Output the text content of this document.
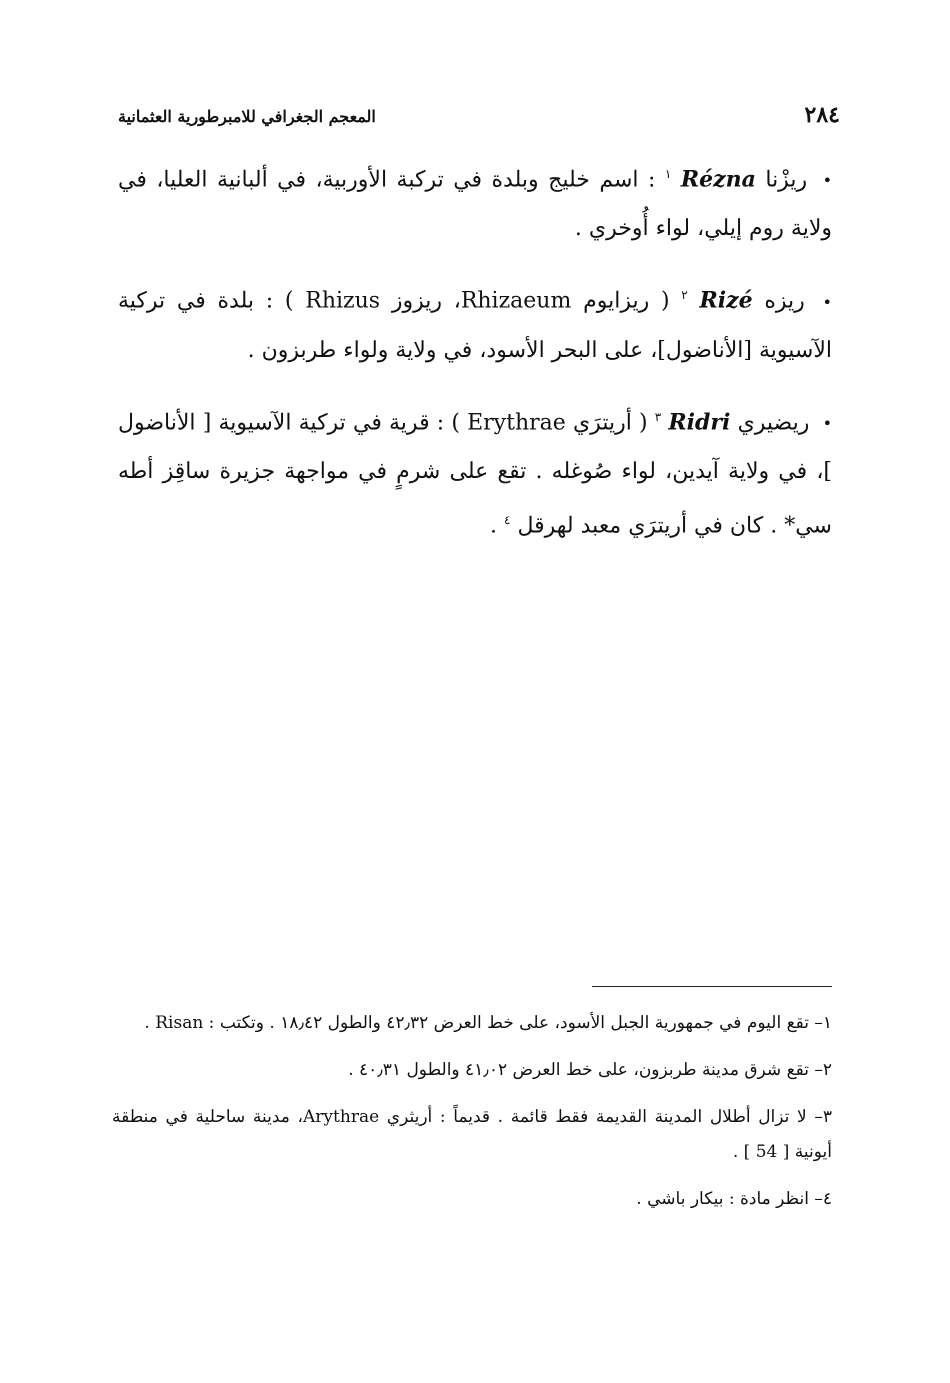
المعجم الجغرافي للامبرطورية العثمانية	٢٨٤

• ريزْنا Rézna $^١$ : اسم خليج وبلدة في تركبة الأوربية، في ألبانية العليا، في ولاية روم إيلي، لواء أُوخري .

• ريزه Rizé $^٢$ ( ريزايوم Rhizaeum، ريزوز Rhizus ) : بلدة في تركية الآسيوية [الأناضول]، على البحر الأسود، في ولاية ولواء طربزون .

• ريضيري Ridri $^٣$ ( أريترَي Erythrae ) : قرية في تركية الآسيوية [ الأناضول ]، في ولاية آيدين، لواء صُوغله . تقع على شرمٍ في مواجهة جزيرة ساقِز أطه سي* . كان في أريترَي معبد لهرقل $^٤$ .

١– تقع اليوم في جمهورية الجبل الأسود، على خط العرض ٤٢٫٣٢ والطول ١٨٫٤٢ . وتكتب : Risan .

٢– تقع شرق مدينة طربزون، على خط العرض ٤١٫٠٢ والطول ٤٠٫٣١ .

٣– لا تزال أطلال المدينة القديمة فقط قائمة . قديماً : أريثري Arythrae، مدينة ساحلية في منطقة أيونية [ 54 ] .

٤– انظر مادة : بيكار باشي .
